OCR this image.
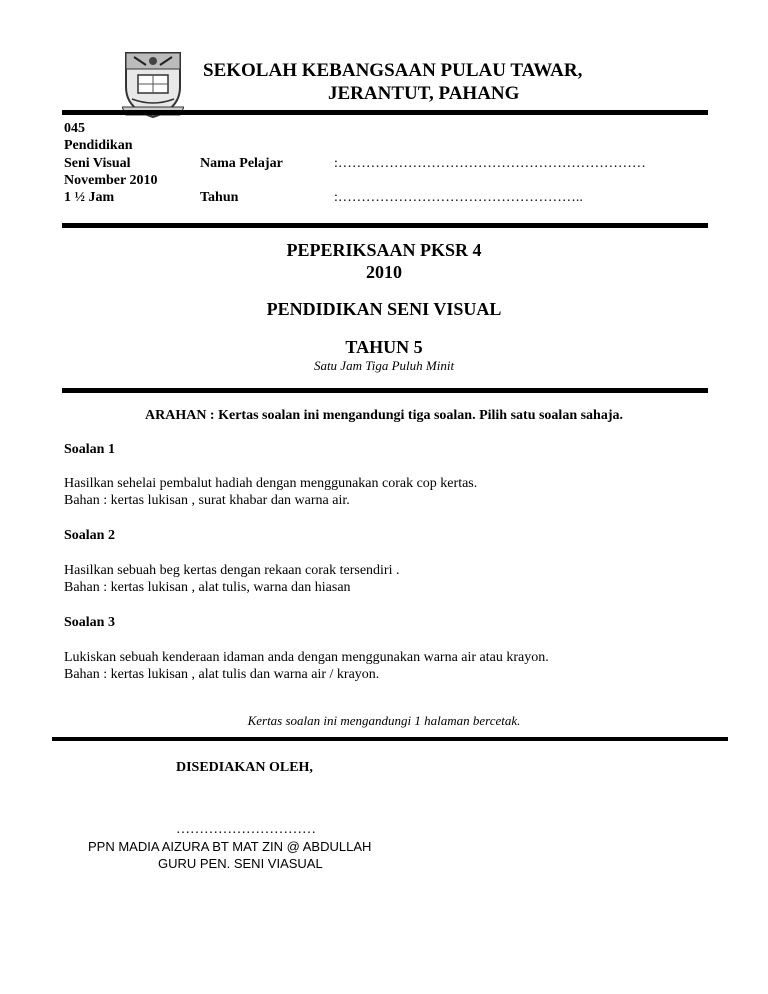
SEKOLAH KEBANGSAAN PULAU TAWAR,
JERANTUT, PAHANG
045
Pendidikan
Seni Visual
November 2010
1 ½ Jam
Nama Pelajar	:…………………………………………………………
Tahun	:……………………………………………..
PEPERIKSAAN PKSR 4
2010
PENDIDIKAN SENI VISUAL
TAHUN 5
Satu Jam Tiga Puluh Minit
ARAHAN : Kertas soalan ini mengandungi tiga soalan. Pilih satu soalan sahaja.
Soalan 1
Hasilkan sehelai pembalut hadiah dengan menggunakan corak cop kertas.
Bahan : kertas lukisan , surat khabar dan warna air.
Soalan 2
Hasilkan sebuah beg kertas dengan rekaan corak tersendiri .
Bahan : kertas lukisan , alat tulis, warna dan hiasan
Soalan 3
Lukiskan sebuah kenderaan idaman anda dengan menggunakan warna air atau krayon.
Bahan : kertas lukisan , alat tulis dan warna air / krayon.
Kertas soalan ini mengandungi 1 halaman bercetak.
DISEDIAKAN OLEH,
…………………………
PPN MADIA AIZURA BT MAT ZIN @ ABDULLAH
GURU PEN. SENI VIASUAL
